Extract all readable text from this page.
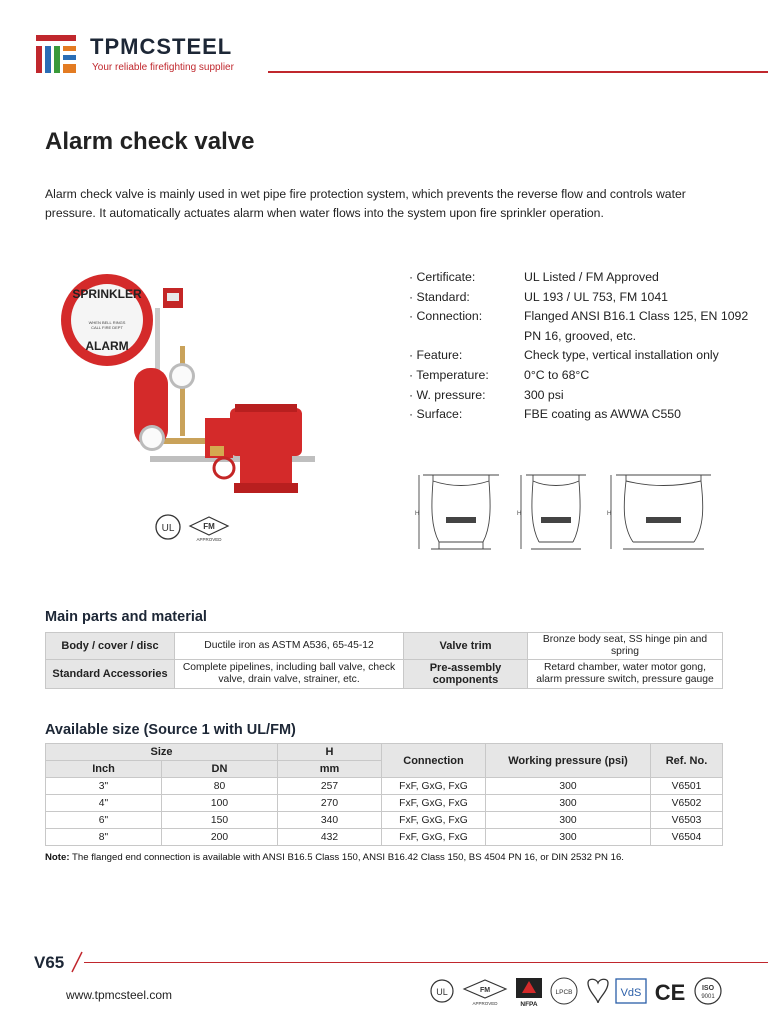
TPMCSTEEL
Your reliable firefighting supplier
Alarm check valve
Alarm check valve is mainly used in wet pipe fire protection system, which prevents the reverse flow and controls water pressure. It automatically actuates alarm when water flows into the system upon fire sprinkler operation.
SPRINKLER
WHEN BELL RINGS
CALL FIRE DEPT
ALARM
UL	FM
APPROVED
· Certificate:	UL Listed / FM Approved
· Standard:	UL 193 / UL 753, FM 1041
· Connection:	Flanged ANSI B16.1 Class 125, EN 1092 PN 16, grooved, etc.
· Feature:	Check type, vertical installation only
· Temperature:	0°C to 68°C
· W. pressure:	300 psi
· Surface:	FBE coating as AWWA C550
H	H	H
Main parts and material
Body / cover / disc	Ductile iron as ASTM A536, 65-45-12	Valve trim	Bronze body seat, SS hinge pin and spring
Standard Accessories	Complete pipelines, including ball valve, check valve, drain valve, strainer, etc.	Pre-assembly components	Retard chamber, water motor gong, alarm pressure switch, pressure gauge
Available size (Source 1 with UL/FM)
Size		H	Connection	Working pressure (psi)	Ref. No.
Inch	DN	mm			
3"	80	257	FxF, GxG, FxG	300	V6501
4"	100	270	FxF, GxG, FxG	300	V6502
6"	150	340	FxF, GxG, FxG	300	V6503
8"	200	432	FxF, GxG, FxG	300	V6504
Note: The flanged end connection is available with ANSI B16.5 Class 150, ANSI B16.42 Class 150, BS 4504 PN 16, or DIN 2532 PN 16.
V65
www.tpmcsteel.com	UL	FM
APPROVED	NFPA
LPCB	VdS CE ISO
9001
